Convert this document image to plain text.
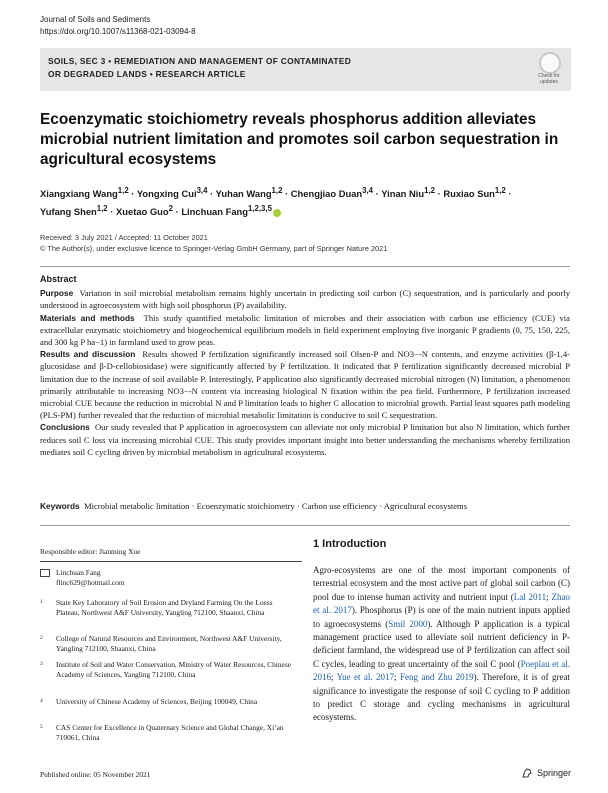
Journal of Soils and Sediments
https://doi.org/10.1007/s11368-021-03094-8
SOILS, SEC 3 • REMEDIATION AND MANAGEMENT OF CONTAMINATED
OR DEGRADED LANDS • RESEARCH ARTICLE	Check for
updates
Ecoenzymatic stoichiometry reveals phosphorus addition alleviates microbial nutrient limitation and promotes soil carbon sequestration in agricultural ecosystems
Xiangxiang Wang$^{1,2}$ · Yongxing Cui$^{3,4}$ · Yuhan Wang$^{1,2}$ · Chengjiao Duan$^{3,4}$ · Yinan Niu$^{1,2}$ · Ruxiao Sun$^{1,2}$ ·
Yufang Shen$^{1,2}$ · Xuetao Guo$^2$ · Linchuan Fang$^{1,2,3,5}$
Received: 3 July 2021 / Accepted: 11 October 2021
© The Author(s), under exclusive licence to Springer-Verlag GmbH Germany, part of Springer Nature 2021
Abstract

Purpose Variation in soil microbial metabolism remains highly uncertain in predicting soil carbon (C) sequestration, and is particularly and poorly understood in agroecosystem with high soil phosphorus (P) availability.

Materials and methods This study quantified metabolic limitation of microbes and their association with carbon use efficiency (CUE) via extracellular enzymatic stoichiometry and biogeochemical equilibrium models in field experiment employing five inorganic P gradients (0, 75, 150, 225, and 300 kg P ha−1) in farmland used to grow peas.

Results and discussion Results showed P fertilization significantly increased soil Olsen-P and NO3−-N contents, and enzyme activities (β-1,4-glucosidase and β-D-cellobiosidase) were significantly affected by P fertilization. It indicated that P fertilization significantly decreased microbial P limitation due to the increase of soil available P. Interestingly, P application also significantly decreased microbial nitrogen (N) limitation, a phenomenon primarily attributable to increasing NO3−-N content via increasing biological N fixation within the pea field. Furthermore, P fertilization increased microbial CUE because the reduction in microbial N and P limitation leads to higher C allocation to microbial growth. Partial least squares path modeling (PLS-PM) further revealed that the reduction of microbial metabolic limitation is conducive to soil C sequestration.

Conclusions Our study revealed that P application in agroecosystem can alleviate not only microbial P limitation but also N limitation, which further reduces soil C loss via increasing microbial CUE. This study provides important insight into better understanding the mechanisms whereby fertilization mediates soil C cycling driven by microbial metabolism in agricultural ecosystems.

Keywords Microbial metabolic limitation · Ecoenzymatic stoichiometry · Carbon use efficiency · Agricultural ecosystems
Responsible editor: Jianming Xue
Linchuan Fang
flinc629@hotmail.com
1 State Key Laboratory of Soil Erosion and Dryland Farming On the Loess Plateau, Northwest A&F University, Yangling 712100, Shaanxi, China
2 College of Natural Resources and Environment, Northwest A&F University, Yangling 712100, Shaanxi, China
3 Institute of Soil and Water Conservation, Ministry of Water Resources, Chinese Academy of Sciences, Yangling 712100, China
4 University of Chinese Academy of Sciences, Beijing 100049, China
5 CAS Center for Excellence in Quaternary Science and Global Change, Xi’an 710061, China
1 Introduction
Agro-ecosystems are one of the most important components of terrestrial ecosystem and the most active part of global soil carbon (C) pool due to intense human activity and nutrient input (Lal 2011; Zhao et al. 2017). Phosphorus (P) is one of the main nutrient inputs applied to agroecosystems (Smil 2000). Although P application is a typical management practice used to alleviate soil nutrient deficiency in P-deficient farmland, the widespread use of P fertilization can affect soil C cycles, leading to great uncertainty of the soil C pool (Poeplau et al. 2016; Yue et al. 2017; Feng and Zhu 2019). Therefore, it is of great significance to investigate the response of soil C cycling to P addition to predict C storage and cycling mechanisms in agricultural ecosystems.
Published online: 05 November 2021	Springer
